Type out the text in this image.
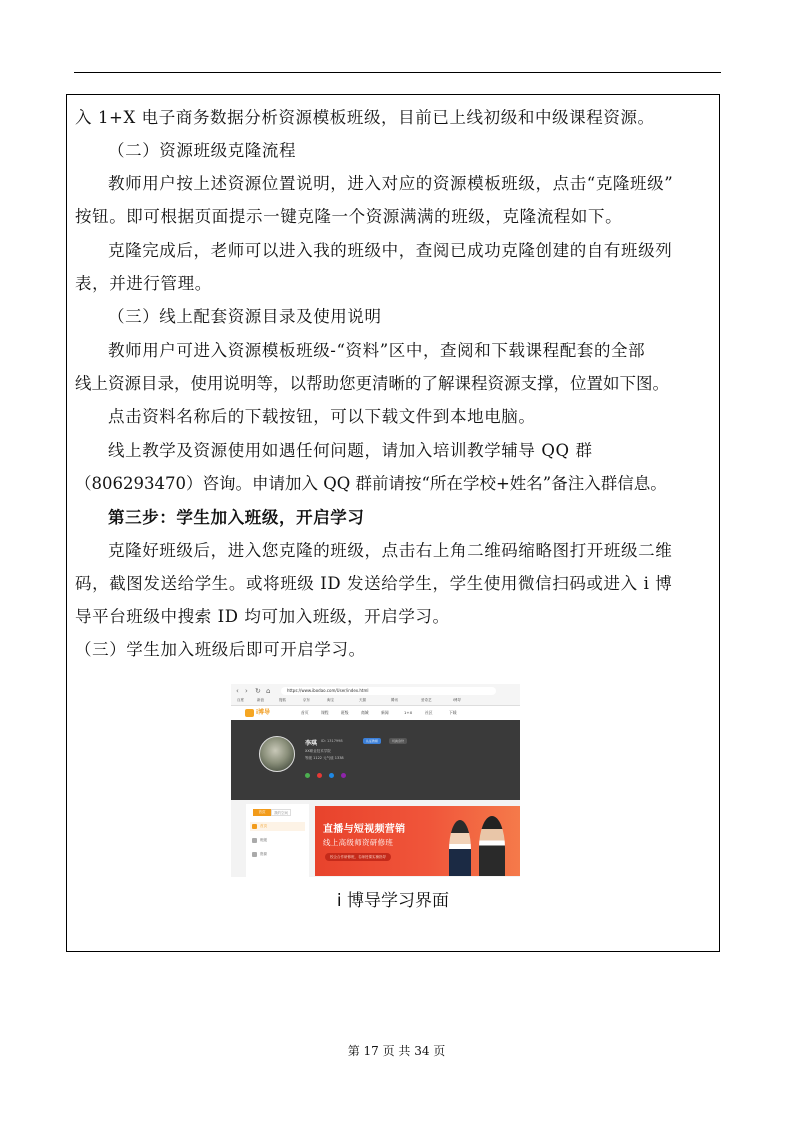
入 1+X 电子商务数据分析资源模板班级，目前已上线初级和中级课程资源。
（二）资源班级克隆流程
教师用户按上述资源位置说明，进入对应的资源模板班级，点击“克隆班级”
按钮。即可根据页面提示一键克隆一个资源满满的班级，克隆流程如下。
克隆完成后，老师可以进入我的班级中，查阅已成功克隆创建的自有班级列
表，并进行管理。
（三）线上配套资源目录及使用说明
教师用户可进入资源模板班级-“资料”区中，查阅和下载课程配套的全部
线上资源目录，使用说明等，以帮助您更清晰的了解课程资源支撑，位置如下图。
点击资料名称后的下载按钮，可以下载文件到本地电脑。
线上教学及资源使用如遇任何问题，请加入培训教学辅导 QQ 群
（806293470）咨询。申请加入 QQ 群前请按“所在学校+姓名”备注入群信息。
第三步：学生加入班级，开启学习
克隆好班级后，进入您克隆的班级，点击右上角二维码缩略图打开班级二维
码，截图发送给学生。或将班级 ID 发送给学生，学生使用微信扫码或进入 i 博
导平台班级中搜索 ID 均可加入班级，开启学习。
（三）学生加入班级后即可开启学习。
‹ › ↻ ⌂	https://www.ibodao.com/User/index.html
百度	新浪	搜狐	京东	淘宝	天猫	腾讯	爱奇艺	i博导
i博导	首页	课程	班级	商城	新闻	1+X	社区	下载
李琪 ID: 1317998	认证教师	切换身份
XX职业技术学院
等级 1122 元气值 1338

首页	我的空间
首页
班级
资源
直播与短视频营销
线上高级师资研修班
校企合作研修班，名师授课实操指导
i 博导学习界面
第 17 页 共 34 页
